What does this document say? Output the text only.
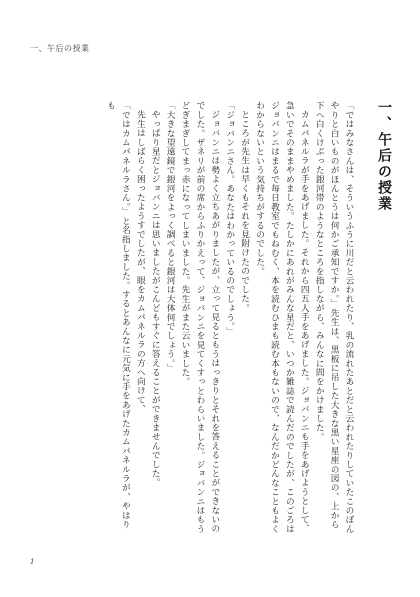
一、午后の授業
一、午后の授業

「ではみなさんは、そういうふうに川だと云われたり、乳の流れたあとだと云われたりしていたこのぼんやりと白いものがほんとうは何かご承知ですか。」先生は、黒板に吊した大きな黒い星座の図の、上から下へ白くけぶった銀河帯のようなところを指しながら、みんなに問をかけました。

カムパネルラが手をあげました。それから四五人手をあげました。ジョバンニも手をあげようとして、急いでそのままやめました。たしかにあれがみんな星だと、いつか雑誌で読んだのでしたが、このごろはジョバンニはまるで毎日教室でもねむく、本を読むひまも読む本もないので、なんだかどんなこともよくわからないという気持ちがするのでした。

ところが先生は早くもそれを見附けたのでした。

「ジョバンニさん。あなたはわかっているのでしょう。」

ジョバンニは勢よく立ちあがりましたが、立って見るともうはっきりとそれを答えることができないのでした。ザネリが前の席からふりかえって、ジョバンニを見てくすっとわらいました。ジョバンニはもうどぎまぎしてまっ赤になってしまいました。先生がまた云いました。

「大きな望遠鏡で銀河をよっく調べると銀河は大体何でしょう。」

やっぱり星だとジョバンニは思いましたがこんどもすぐに答えることができませんでした。

先生はしばらく困ったようすでしたが、眼をカムパネルラの方へ向けて、

「ではカムパネルラさん。」と名指しました。するとあんなに元気に手をあげたカムパネルラが、やはりも

1
